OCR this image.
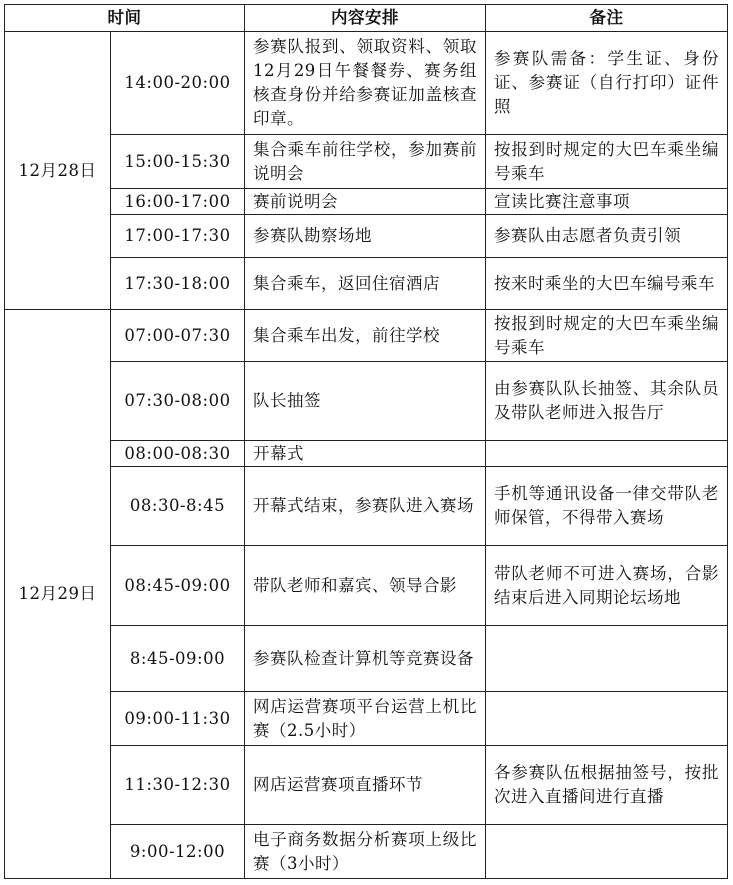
时间		内容安排	备注
12月28日	14:00-20:00	参赛队报到、领取资料、领取12月29日午餐餐券、赛务组核查身份并给参赛证加盖核查印章。	参赛队需备：学生证、身份证、参赛证（自行打印）证件照
	15:00-15:30	集合乘车前往学校，参加赛前说明会	按报到时规定的大巴车乘坐编号乘车
	16:00-17:00	赛前说明会	宣读比赛注意事项
	17:00-17:30	参赛队勘察场地	参赛队由志愿者负责引领
	17:30-18:00	集合乘车，返回住宿酒店	按来时乘坐的大巴车编号乘车
12月29日	07:00-07:30	集合乘车出发，前往学校	按报到时规定的大巴车乘坐编号乘车
	07:30-08:00	队长抽签	由参赛队队长抽签、其余队员及带队老师进入报告厅
	08:00-08:30	开幕式	
	08:30-8:45	开幕式结束，参赛队进入赛场	手机等通讯设备一律交带队老师保管，不得带入赛场
	08:45-09:00	带队老师和嘉宾、领导合影	带队老师不可进入赛场，合影结束后进入同期论坛场地
	8:45-09:00	参赛队检查计算机等竞赛设备	
	09:00-11:30	网店运营赛项平台运营上机比赛（2.5小时）	
	11:30-12:30	网店运营赛项直播环节	各参赛队伍根据抽签号，按批次进入直播间进行直播
	9:00-12:00	电子商务数据分析赛项上级比赛（3小时）	
